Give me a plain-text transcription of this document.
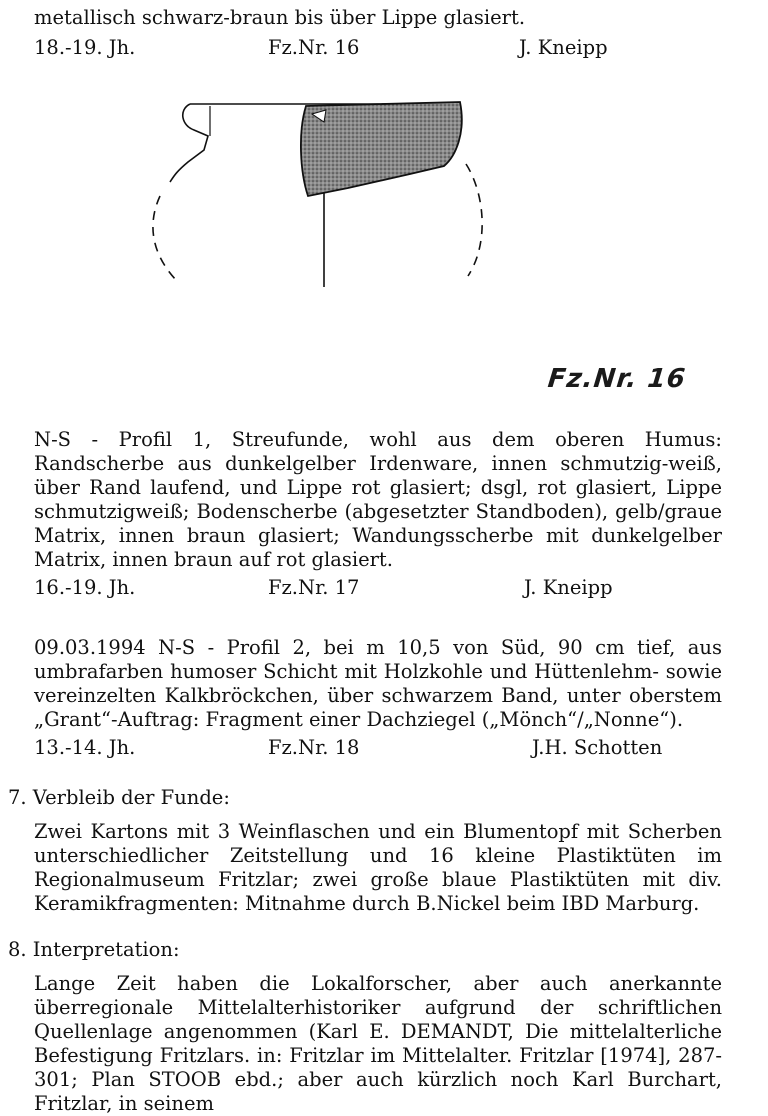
metallisch schwarz-braun bis über Lippe glasiert.
18.-19. Jh.	Fz.Nr. 16	J. Kneipp
Fz.Nr. 16
N-S - Profil 1, Streufunde, wohl aus dem oberen Humus: Randscherbe aus dunkelgelber Irdenware, innen schmutzig-weiß, über Rand laufend, und Lippe rot glasiert; dsgl, rot glasiert, Lippe schmutzigweiß; Bodenscherbe (abgesetzter Standboden), gelb/graue Matrix, innen braun glasiert; Wandungsscherbe mit dunkelgelber Matrix, innen braun auf rot glasiert.
16.-19. Jh.	Fz.Nr. 17	J. Kneipp
09.03.1994 N-S - Profil 2, bei m 10,5 von Süd, 90 cm tief, aus umbrafarben humoser Schicht mit Holzkohle und Hüttenlehm- sowie vereinzelten Kalkbröckchen, über schwarzem Band, unter oberstem „Grant“-Auftrag: Fragment einer Dachziegel („Mönch“/„Nonne“).
13.-14. Jh.	Fz.Nr. 18	J.H. Schotten
7. Verbleib der Funde:
Zwei Kartons mit 3 Weinflaschen und ein Blumentopf mit Scherben unterschiedlicher Zeitstellung und 16 kleine Plastiktüten im Regionalmuseum Fritzlar; zwei große blaue Plastiktüten mit div. Keramikfragmenten: Mitnahme durch B.Nickel beim IBD Marburg.
8. Interpretation:
Lange Zeit haben die Lokalforscher, aber auch anerkannte überregionale Mittelalterhistoriker aufgrund der schriftlichen Quellenlage angenommen (Karl E. DEMANDT, Die mittelalterliche Befestigung Fritzlars. in: Fritzlar im Mittelalter. Fritzlar [1974], 287-301; Plan STOOB ebd.; aber auch kürzlich noch Karl Burchart, Fritzlar, in seinem
